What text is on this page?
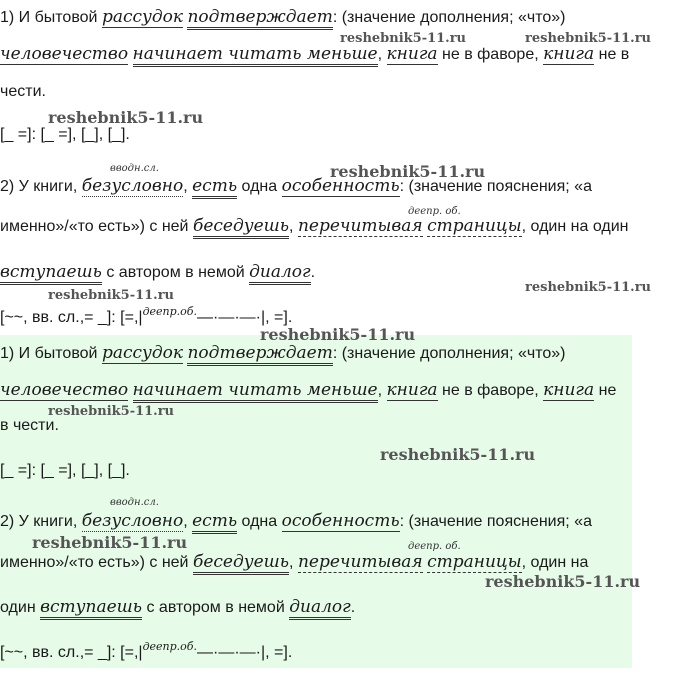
1) И бытовой рассудок подтверждает: (значение дополнения; «что»)
человечество начинает читать меньше, книга не в фаворе, книга не в
чести.
[_ =]: [_ =], [_], [_].
вводн.сл.
2) У книги, безусловно, есть одна особенность: (значение пояснения; «а
деепр. об.
именно»/«то есть») с ней беседуешь, перечитывая страницы, один на один
вступаешь с автором в немой диалог.
[~~, вв. сл.,= _]: [$=,|^{деепр.об.}—\cdot—\cdot—\cdot|$, =].
1) И бытовой рассудок подтверждает: (значение дополнения; «что»)
человечество начинает читать меньше, книга не в фаворе, книга не
в чести.
[_ =]: [_ =], [_], [_].
вводн.сл.
2) У книги, безусловно, есть одна особенность: (значение пояснения; «а
деепр. об.
именно»/«то есть») с ней беседуешь, перечитывая страницы, один на
один вступаешь с автором в немой диалог.
[~~, вв. сл.,= _]: [$=,|^{деепр.об.}—\cdot—\cdot—\cdot|$, =].
reshebnik5-11.ru
reshebnik5-11.ru	reshebnik5-11.ru
reshebnik5-11.ru
reshebnik5-11.ru
reshebnik5-11.ru
reshebnik5-11.ru
reshebnik5-11.ru
reshebnik5-11.ru
reshebnik5-11.ru
reshebnik5-11.ru
